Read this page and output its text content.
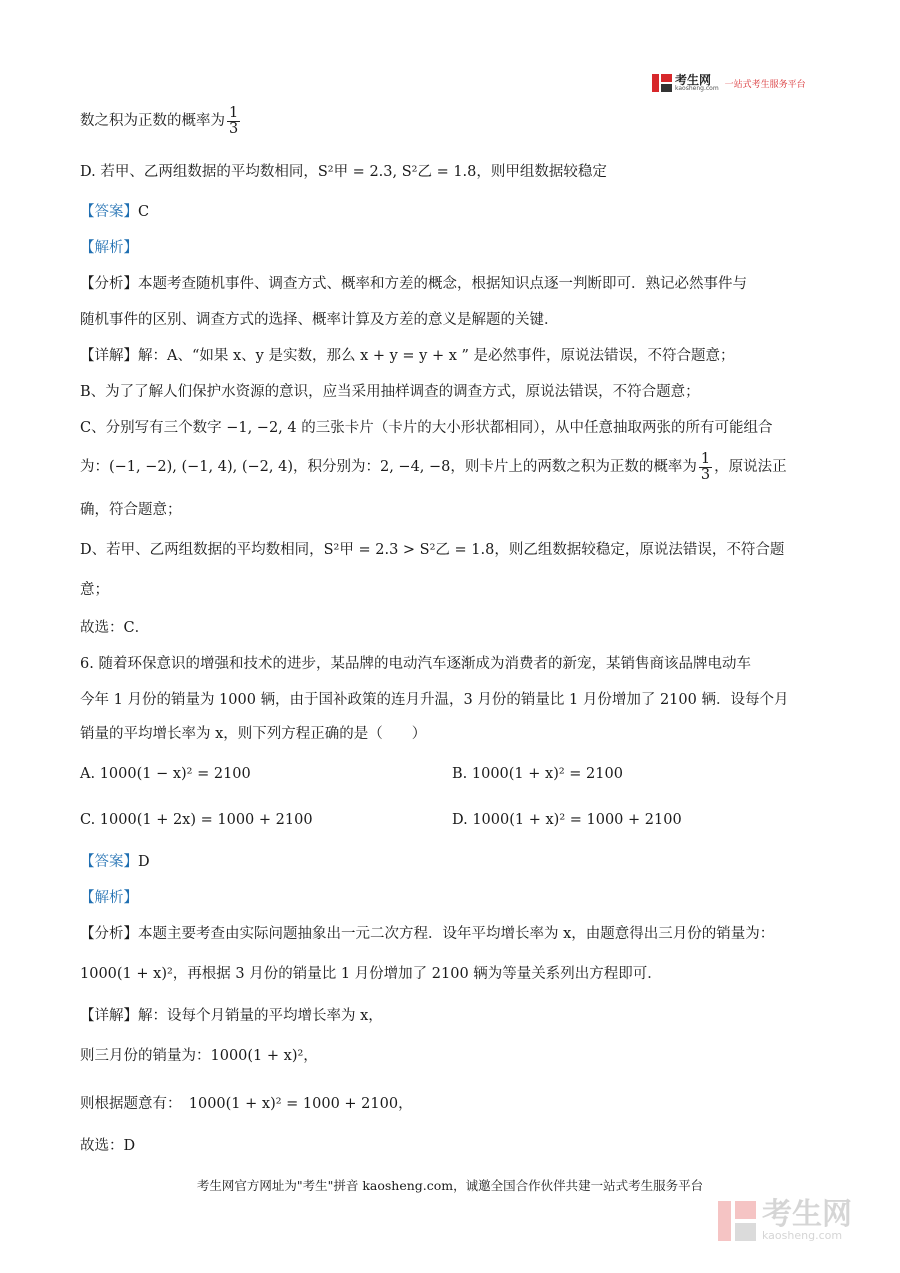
考生网
kaosheng.com 一站式考生服务平台
数之积为正数的概率为 $\frac{1}{3}$
D. 若甲、乙两组数据的平均数相同，S²甲 = 2.3, S²乙 = 1.8，则甲组数据较稳定
【答案】C
【解析】
【分析】本题考查随机事件、调查方式、概率和方差的概念，根据知识点逐一判断即可．熟记必然事件与
随机事件的区别、调查方式的选择、概率计算及方差的意义是解题的关键．
【详解】解：A、“如果 x、y 是实数，那么 x + y = y + x ” 是必然事件，原说法错误，不符合题意；
B、为了了解人们保护水资源的意识，应当采用抽样调查的调查方式，原说法错误，不符合题意；
C、分别写有三个数字 −1, −2, 4 的三张卡片（卡片的大小形状都相同），从中任意抽取两张的所有可能组合
为：(−1, −2), (−1, 4), (−2, 4)，积分别为：2, −4, −8，则卡片上的两数之积为正数的概率为 $\frac{1}{3}$ ，原说法正
确，符合题意；
D、若甲、乙两组数据的平均数相同，S²甲 = 2.3 > S²乙 = 1.8，则乙组数据较稳定，原说法错误，不符合题
意；
故选：C．
6. 随着环保意识的增强和技术的进步，某品牌的电动汽车逐渐成为消费者的新宠，某销售商该品牌电动车
今年 1 月份的销量为 1000 辆，由于国补政策的连月升温，3 月份的销量比 1 月份增加了 2100 辆．设每个月
销量的平均增长率为 x，则下列方程正确的是（　　）
A. 1000(1 − x)² = 2100	B. 1000(1 + x)² = 2100
C. 1000(1 + 2x) = 1000 + 2100	D. 1000(1 + x)² = 1000 + 2100
【答案】D
【解析】
【分析】本题主要考查由实际问题抽象出一元二次方程．设年平均增长率为 x，由题意得出三月份的销量为：
1000(1 + x)²，再根据 3 月份的销量比 1 月份增加了 2100 辆为等量关系列出方程即可．
【详解】解：设每个月销量的平均增长率为 x，
则三月份的销量为：1000(1 + x)²，
则根据题意有：　1000(1 + x)² = 1000 + 2100，
故选：D
考生网官方网址为"考生"拼音 kaosheng.com，诚邀全国合作伙伴共建一站式考生服务平台
考生网
kaosheng.com
